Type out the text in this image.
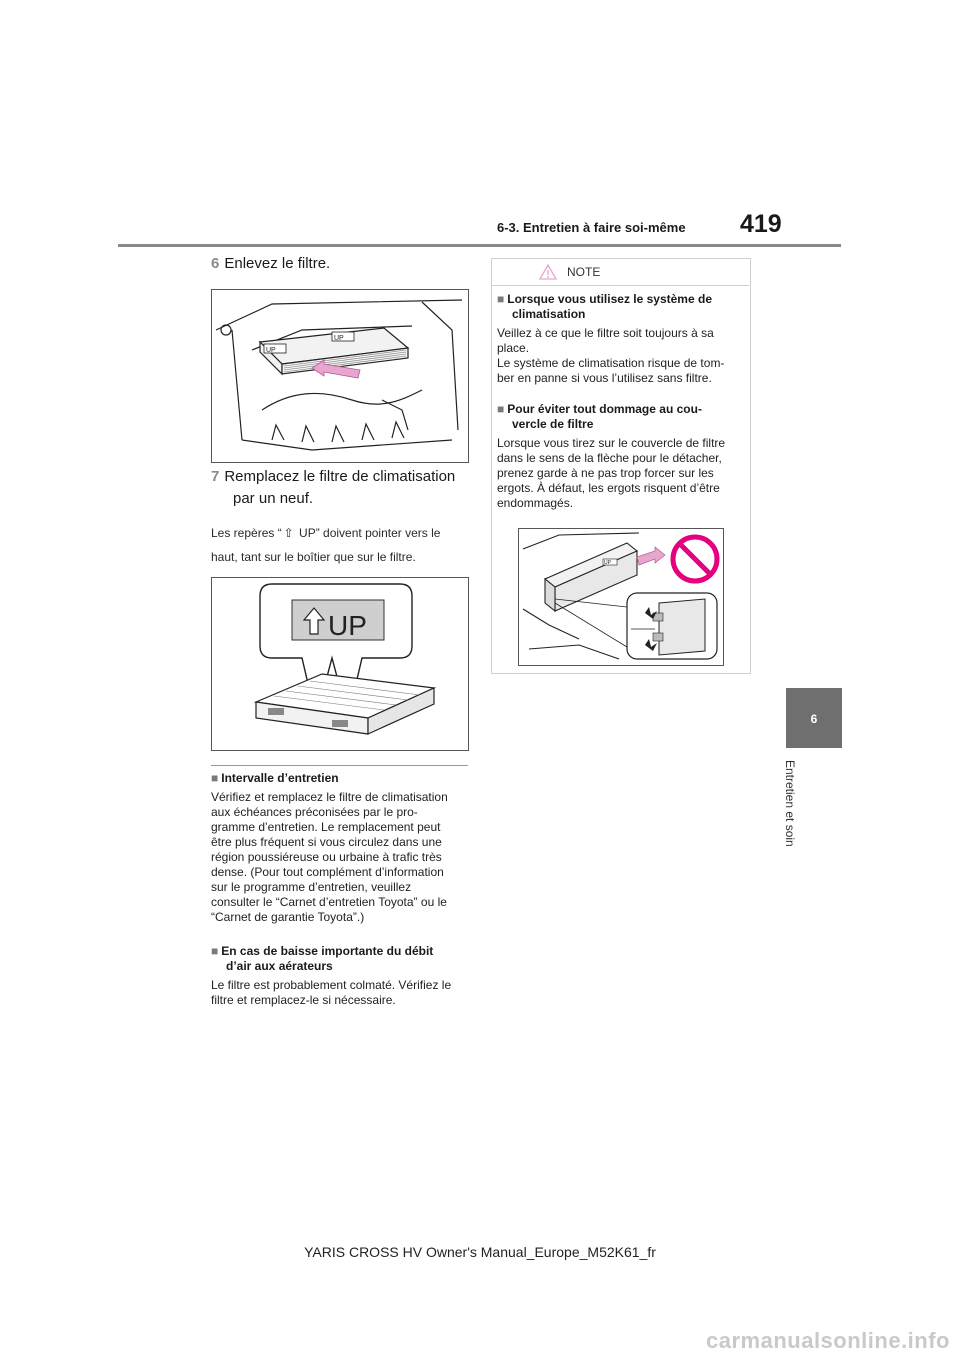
6-3. Entretien à faire soi-même 419
6
Entretien et soin
6 Enlevez le filtre.
UP
UP
7 Remplacez le filtre de climatisation
par un neuf.
Les repères “ ⇧ UP” doivent pointer vers le
haut, tant sur le boîtier que sur le filtre.
UP
■ Intervalle d’entretien
Vérifiez et remplacez le filtre de climatisation
aux échéances préconisées par le pro-
gramme d’entretien. Le remplacement peut
être plus fréquent si vous circulez dans une
région poussiéreuse ou urbaine à trafic très
dense. (Pour tout complément d’information
sur le programme d’entretien, veuillez
consulter le “Carnet d’entretien Toyota” ou le
“Carnet de garantie Toyota”.)
■ En cas de baisse importante du débit
d’air aux aérateurs
Le filtre est probablement colmaté. Vérifiez le
filtre et remplacez-le si nécessaire.
NOTE
■ Lorsque vous utilisez le système de
climatisation
Veillez à ce que le filtre soit toujours à sa
place.
Le système de climatisation risque de tom-
ber en panne si vous l’utilisez sans filtre.
■ Pour éviter tout dommage au cou-
vercle de filtre
Lorsque vous tirez sur le couvercle de filtre
dans le sens de la flèche pour le détacher,
prenez garde à ne pas trop forcer sur les
ergots. À défaut, les ergots risquent d’être
endommagés.
UP
YARIS CROSS HV Owner's Manual_Europe_M52K61_fr
carmanualsonline.info
